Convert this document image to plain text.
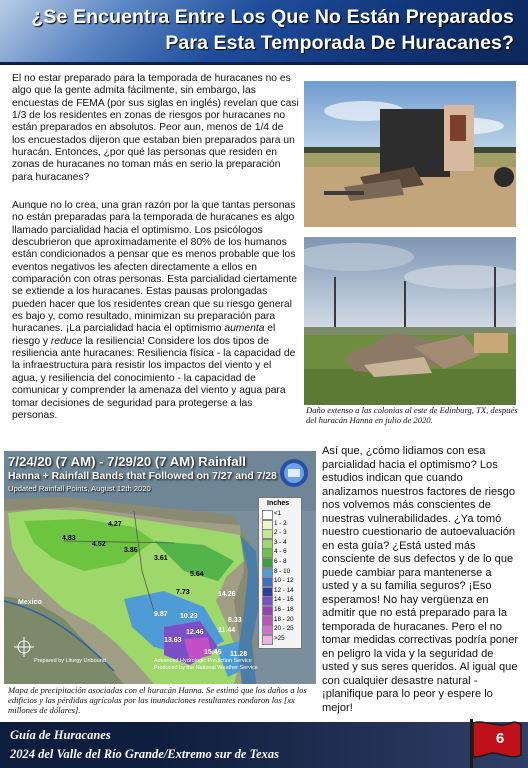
¿Se Encuentra Entre Los Que No Están Preparados
Para Esta Temporada De Huracanes?

El no estar preparado para la temporada de huracanes no es algo que la gente admita fácilmente, sin embargo, las encuestas de FEMA (por sus siglas en inglés) revelan que casi 1/3 de los residentes en zonas de riesgos por huracanes no están preparados en absolutos. Peor aun, menos de 1/4 de los encuestados dijeron que estaban bien preparados para un huracán. Entonces, ¿por qué las personas que residen en zonas de huracanes no toman más en serio la preparación para huracanes?

Aunque no lo crea, una gran razón por la que tantas personas no están preparadas para la temporada de huracanes es algo llamado parcialidad hacia el optimismo. Los psicólogos descubrieron que aproximadamente el 80% de los humanos están condicionados a pensar que es menos probable que los eventos negativos les afecten directamente a ellos en comparación con otras personas. Esta parcialidad ciertamente se extiende a los huracanes. Estas pausas prolongadas pueden hacer que los residentes crean que su riesgo general es bajo y, como resultado, minimizan su preparación para huracanes. ¡La parcialidad hacia el optimismo aumenta el riesgo y reduce la resiliencia! Considere los dos tipos de resiliencia ante huracanes: Resiliencia física - la capacidad de la infraestructura para resistir los impactos del viento y el agua, y resiliencia del conocimiento - la capacidad de comunicar y comprender la amenaza del viento y agua para tomar decisiones de seguridad para protegerse a las personas.	Daño extenso a las colonias al este de Edinburg, TX, después del huracán Hanna en julio de 2020.

7/24/20 (7 AM) - 7/29/20 (7 AM) Rainfall
Hanna + Rainfall Bands that Followed on 7/27 and 7/28
Updated Rainfall Points, August 12th 2020
Inches
<1
1 - 2
2 - 3
3 - 4
4 - 6
6 - 8
8 - 10
10 - 12
12 - 14
14 - 16
16 - 18
18 - 20
20 - 25
>25
Mexico
4.83
4.52
4.27
3.86
3.61
5.64
7.73
9.87 10.23
12.46
13.63
14.26
11.44
8.33
15.46 11.28
Prepared by Liturgy Unbound	Advanced Hydrologic Prediction Service
Produced by the National Weather Service

Mapa de precipitación asociadas con el huracán Hanna. Se estimó que los daños a los edificios y las pérdidas agrícolas por las inundaciones resultantes rondaron los [xx millones de dólares].

Así que, ¿cómo lidiamos con esa parcialidad hacia el optimismo? Los estudios indican que cuando analizamos nuestros factores de riesgo nos volvemos más conscientes de nuestras vulnerabilidades. ¿Ya tomó nuestro cuestionario de autoevaluación en esta guía? ¿Está usted más consciente de sus defectos y de lo que puede cambiar para mantenerse a usted y a su familia seguros? ¡Eso esperamos! No hay vergüenza en admitir que no está preparado para la temporada de huracanes. Pero el no tomar medidas correctivas podría poner en peligro la vida y la seguridad de usted y sus seres queridos. Al igual que con cualquier desastre natural - ¡planifique para lo peor y espere lo mejor!

Guía de Huracanes
2024 del Valle del Río Grande/Extremo sur de Texas
6
